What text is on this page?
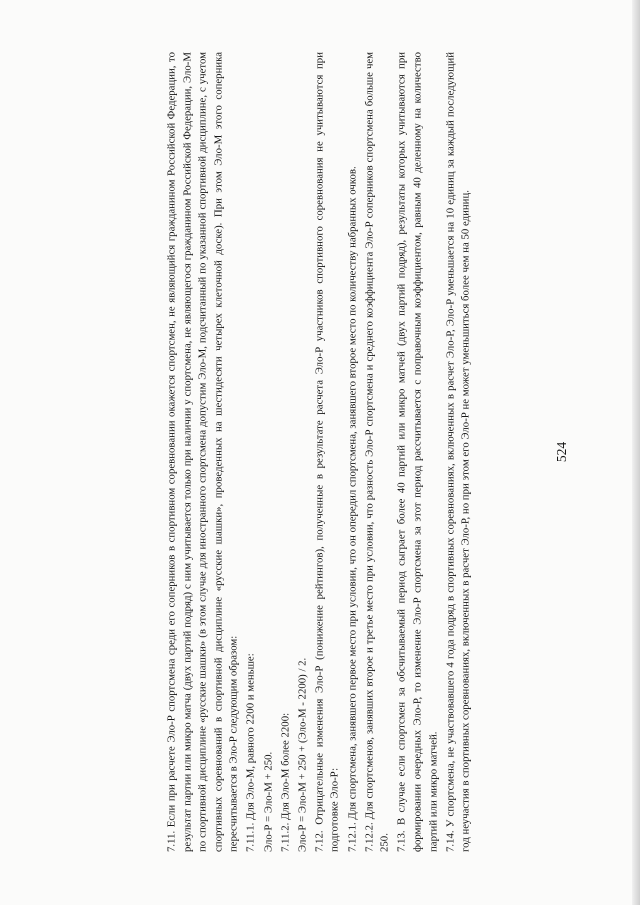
524

7.11. Если при расчете Эло-Р спортсмена среди его соперников в спортивном соревновании окажется спортсмен, не являющийся гражданином Российской Федерации, то результат партии или микро матча (двух партий подряд) с ним учитывается только при наличии у спортсмена, не являющегося гражданином Российской Федерации, Эло-М по спортивной дисциплине «русские шашки» (в этом случае для иностранного спортсмена допустим Эло-М, подсчитанный по указанной спортивной дисциплине, с учетом спортивных соревнований в спортивной дисциплине «русские шашки», проведенных на шестидесяти четырех клеточной доске). При этом Эло-М этого соперника пересчитывается в Эло-Р следующим образом: 7.11.1. Для Эло-М, равного 2200 и меньше: Эло-Р = Эло-М + 250. 7.11.2. Для Эло-М более 2200: Эло-Р = Эло-М + 250 + (Эло-М - 2200) / 2. 7.12. Отрицательные изменения Эло-Р (понижение рейтингов), полученные в результате расчета Эло-Р участников спортивного соревнования не учитываются при подготовке Эло-Р: 7.12.1. Для спортсмена, занявшего первое место при условии, что он опередил спортсмена, занявшего второе место по количеству набранных очков. 7.12.2. Для спортсменов, занявших второе и третье место при условии, что разность Эло-Р спортсмена и среднего коэффициента Эло-Р соперников спортсмена больше чем 250. 7.13. В случае если спортсмен за обсчитываемый период сыграет более 40 партий или микро матчей (двух партий подряд), результаты которых учитываются при формировании очередных Эло-Р, то изменение Эло-Р спортсмена за этот период рассчитывается с поправочным коэффициентом, равным 40 деленному на количество партий или микро матчей. 7.14. У спортсмена, не участвовавшего 4 года подряд в спортивных соревнованиях, включенных в расчет Эло-Р, Эло-Р уменьшается на 10 единиц за каждый последующий год неучастия в спортивных соревнованиях, включенных в расчет Эло-Р, но при этом его Эло-Р не может уменьшиться более чем на 50 единиц.
